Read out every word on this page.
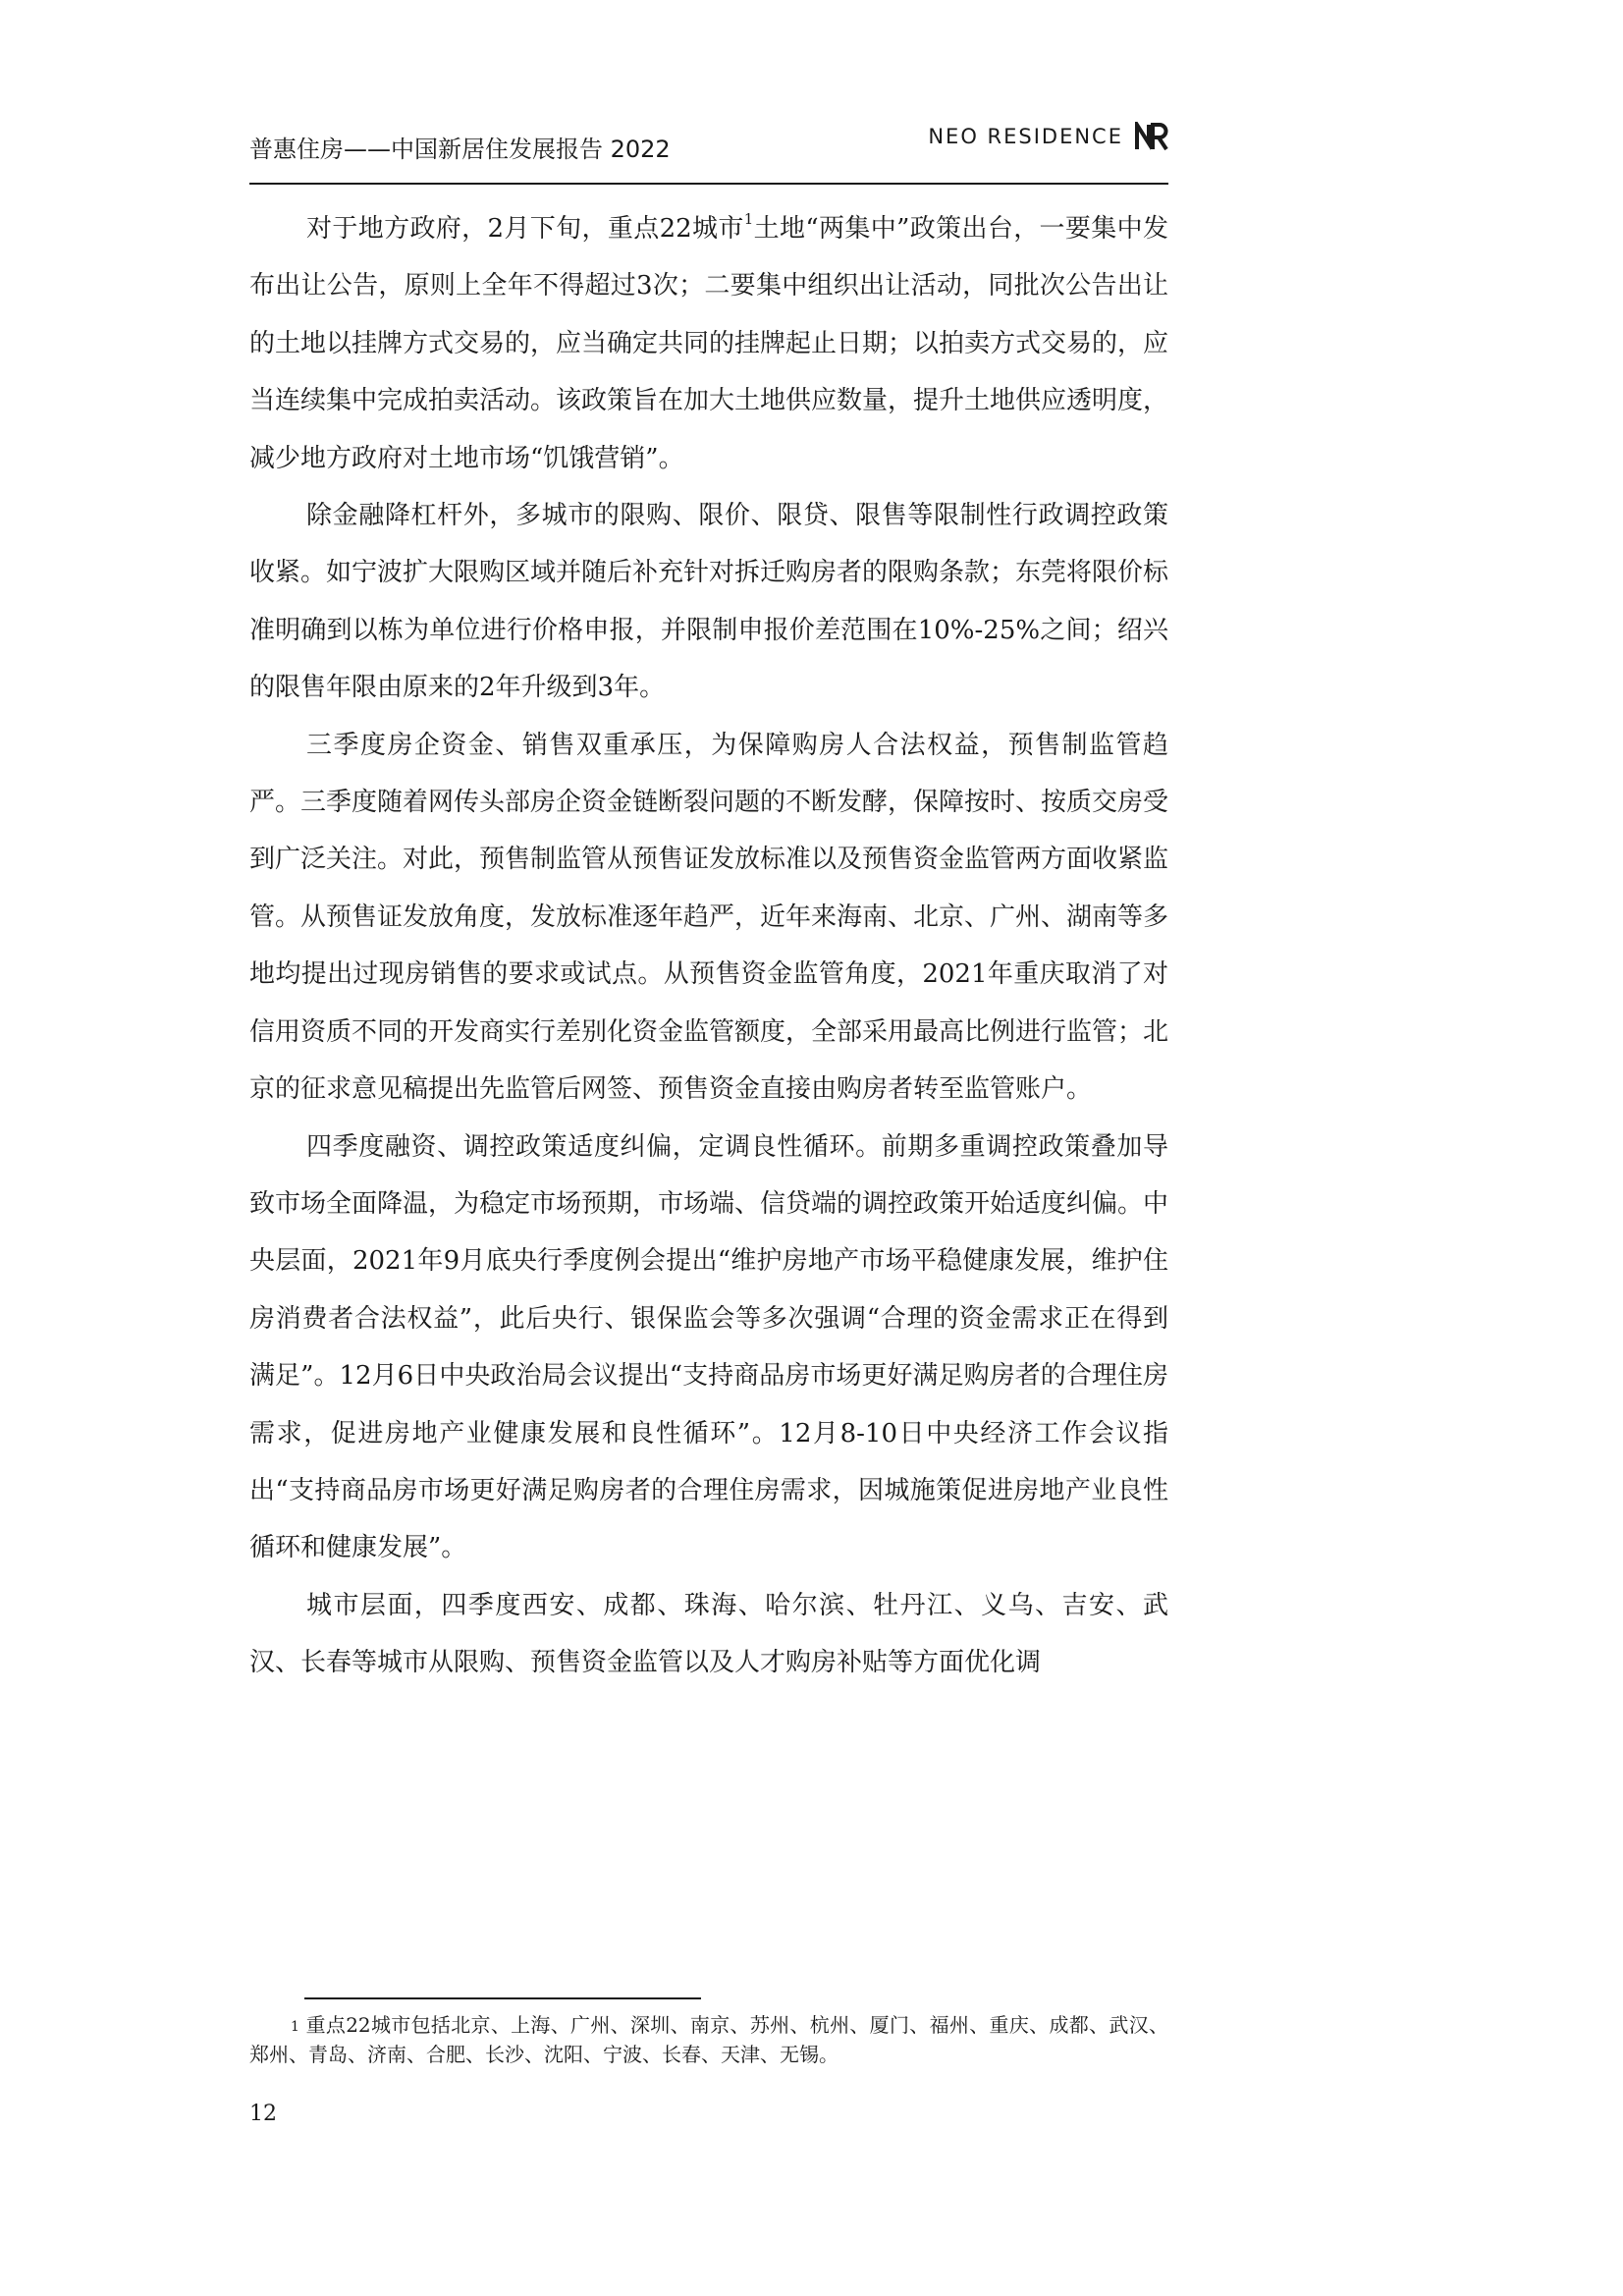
普惠住房——中国新居住发展报告 2022	NEO RESIDENCE

对于地方政府，2月下旬，重点22城市$^1$土地“两集中”政策出台，一要集中发布出让公告，原则上全年不得超过3次；二要集中组织出让活动，同批次公告出让的土地以挂牌方式交易的，应当确定共同的挂牌起止日期；以拍卖方式交易的，应当连续集中完成拍卖活动。该政策旨在加大土地供应数量，提升土地供应透明度，减少地方政府对土地市场“饥饿营销”。

除金融降杠杆外，多城市的限购、限价、限贷、限售等限制性行政调控政策收紧。如宁波扩大限购区域并随后补充针对拆迁购房者的限购条款；东莞将限价标准明确到以栋为单位进行价格申报，并限制申报价差范围在10%-25%之间；绍兴的限售年限由原来的2年升级到3年。

三季度房企资金、销售双重承压，为保障购房人合法权益，预售制监管趋严。三季度随着网传头部房企资金链断裂问题的不断发酵，保障按时、按质交房受到广泛关注。对此，预售制监管从预售证发放标准以及预售资金监管两方面收紧监管。从预售证发放角度，发放标准逐年趋严，近年来海南、北京、广州、湖南等多地均提出过现房销售的要求或试点。从预售资金监管角度，2021年重庆取消了对信用资质不同的开发商实行差别化资金监管额度，全部采用最高比例进行监管；北京的征求意见稿提出先监管后网签、预售资金直接由购房者转至监管账户。

四季度融资、调控政策适度纠偏，定调良性循环。前期多重调控政策叠加导致市场全面降温，为稳定市场预期，市场端、信贷端的调控政策开始适度纠偏。中央层面，2021年9月底央行季度例会提出“维护房地产市场平稳健康发展，维护住房消费者合法权益”，此后央行、银保监会等多次强调“合理的资金需求正在得到满足”。12月6日中央政治局会议提出“支持商品房市场更好满足购房者的合理住房需求，促进房地产业健康发展和良性循环”。12月8-10日中央经济工作会议指出“支持商品房市场更好满足购房者的合理住房需求，因城施策促进房地产业良性循环和健康发展”。

城市层面，四季度西安、成都、珠海、哈尔滨、牡丹江、义乌、吉安、武汉、长春等城市从限购、预售资金监管以及人才购房补贴等方面优化调

$^1$ 重点22城市包括北京、上海、广州、深圳、南京、苏州、杭州、厦门、福州、重庆、成都、武汉、郑州、青岛、济南、合肥、长沙、沈阳、宁波、长春、天津、无锡。

12
